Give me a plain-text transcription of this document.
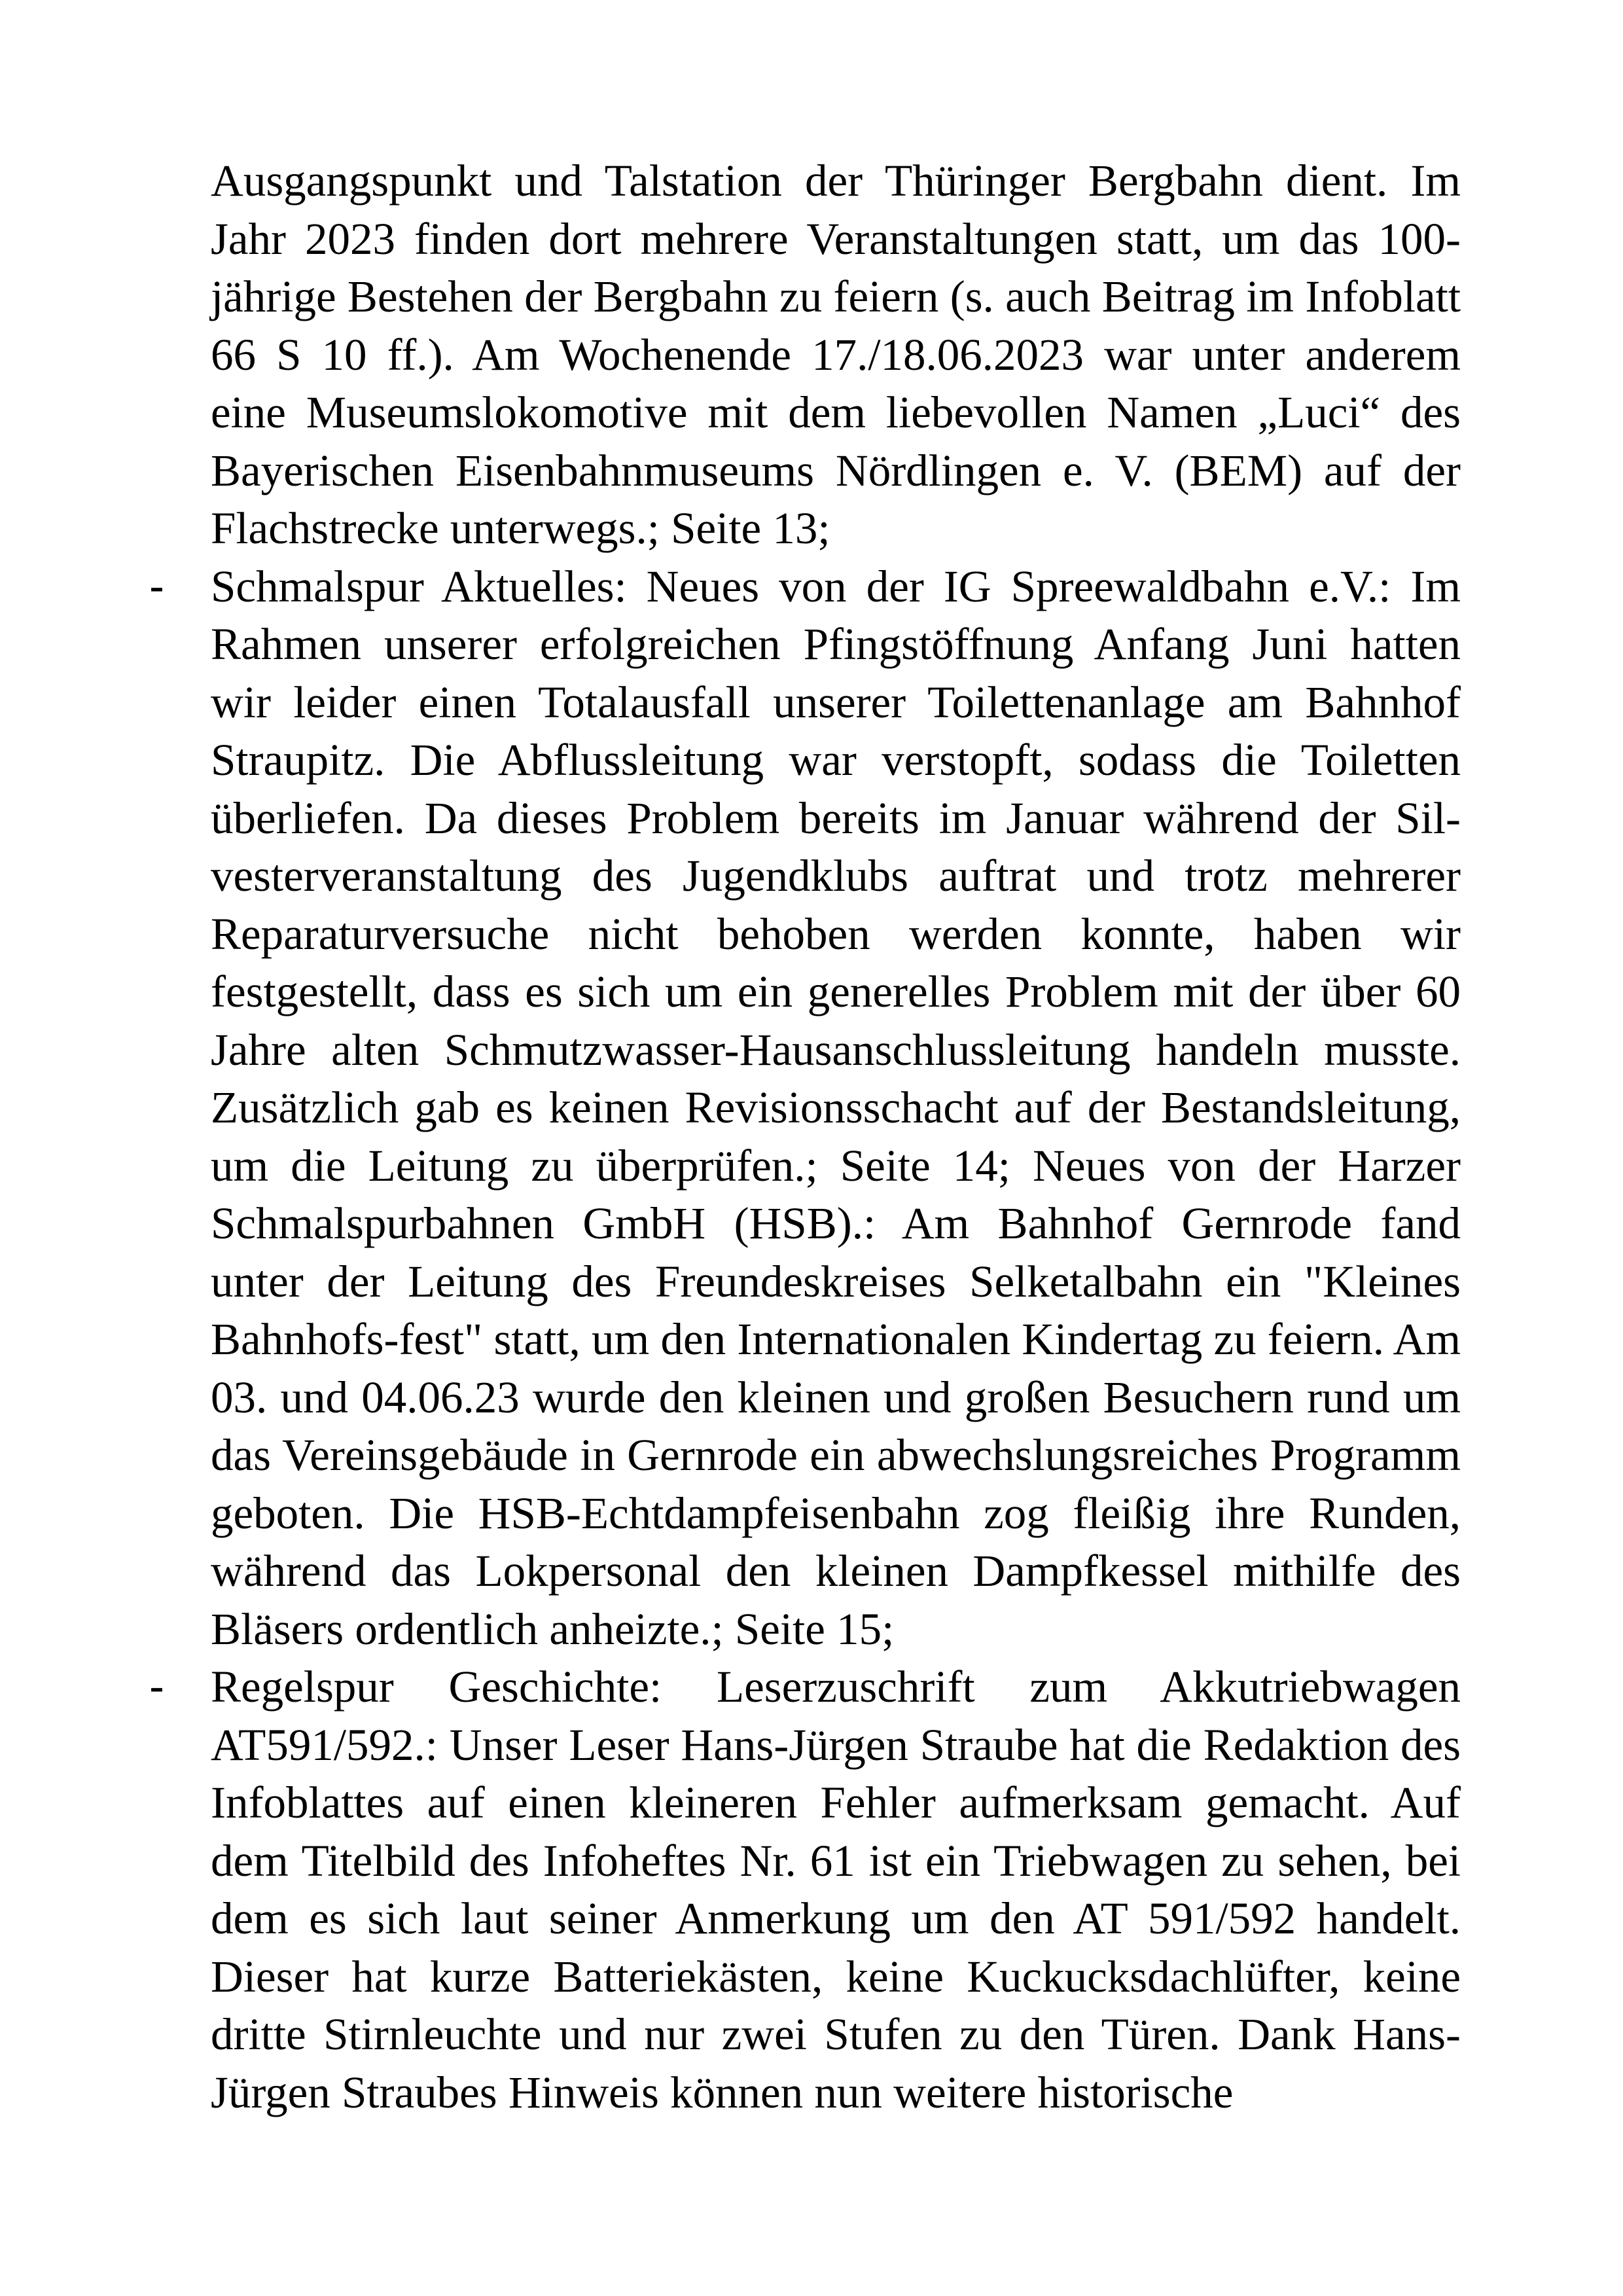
Ausgangspunkt und Talstation der Thüringer Bergbahn dient. Im Jahr 2023 finden dort mehrere Veranstaltungen statt, um das 100-jährige Bestehen der Bergbahn zu feiern (s. auch Beitrag im Infoblatt 66 S 10 ff.). Am Wochenende 17./18.06.2023 war unter anderem eine Museumslokomotive mit dem liebevollen Namen „Luci“ des Bayerischen Eisenbahnmuseums Nördlingen e. V. (BEM) auf der Flachstrecke unterwegs.; Seite 13;

- Schmalspur Aktuelles: Neues von der IG Spreewaldbahn e.V.: Im Rahmen unserer erfolgreichen Pfingstöffnung Anfang Juni hatten wir leider einen Totalausfall unserer Toilettenanlage am Bahnhof Straupitz. Die Abflussleitung war verstopft, sodass die Toiletten überliefen. Da dieses Problem bereits im Januar während der Sil-vesterveranstaltung des Jugendklubs auftrat und trotz mehrerer Reparaturversuche nicht behoben werden konnte, haben wir festgestellt, dass es sich um ein generelles Problem mit der über 60 Jahre alten Schmutzwasser-Hausanschlussleitung handeln musste. Zusätzlich gab es keinen Revisionsschacht auf der Bestandsleitung, um die Leitung zu überprüfen.; Seite 14; Neues von der Harzer Schmalspurbahnen GmbH (HSB).: Am Bahnhof Gernrode fand unter der Leitung des Freundeskreises Selketalbahn ein "Kleines Bahnhofs-fest" statt, um den Internationalen Kindertag zu feiern. Am 03. und 04.06.23 wurde den kleinen und großen Besuchern rund um das Vereinsgebäude in Gernrode ein abwechslungsreiches Programm geboten. Die HSB-Echtdampfeisenbahn zog fleißig ihre Runden, während das Lokpersonal den kleinen Dampfkessel mithilfe des Bläsers ordentlich anheizte.; Seite 15;

- Regelspur Geschichte: Leserzuschrift zum Akkutriebwagen AT591/592.: Unser Leser Hans-Jürgen Straube hat die Redaktion des Infoblattes auf einen kleineren Fehler aufmerksam gemacht. Auf dem Titelbild des Infoheftes Nr. 61 ist ein Triebwagen zu sehen, bei dem es sich laut seiner Anmerkung um den AT 591/592 handelt. Dieser hat kurze Batteriekästen, keine Kuckucksdachlüfter, keine dritte Stirnleuchte und nur zwei Stufen zu den Türen. Dank Hans-Jürgen Straubes Hinweis können nun weitere historische
